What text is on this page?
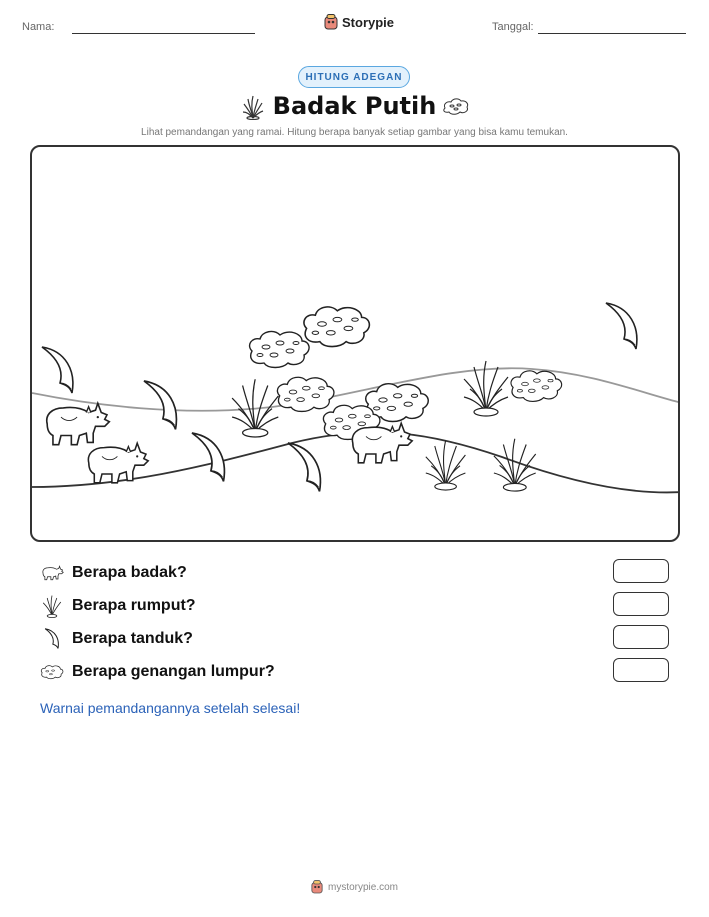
Nama:	Storypie	Tanggal:
HITUNG ADEGAN
Badak Putih
Lihat pemandangan yang ramai. Hitung berapa banyak setiap gambar yang bisa kamu temukan.
Berapa badak?
Berapa rumput?
Berapa tanduk?
Berapa genangan lumpur?
Warnai pemandangannya setelah selesai!
mystorypie.com
